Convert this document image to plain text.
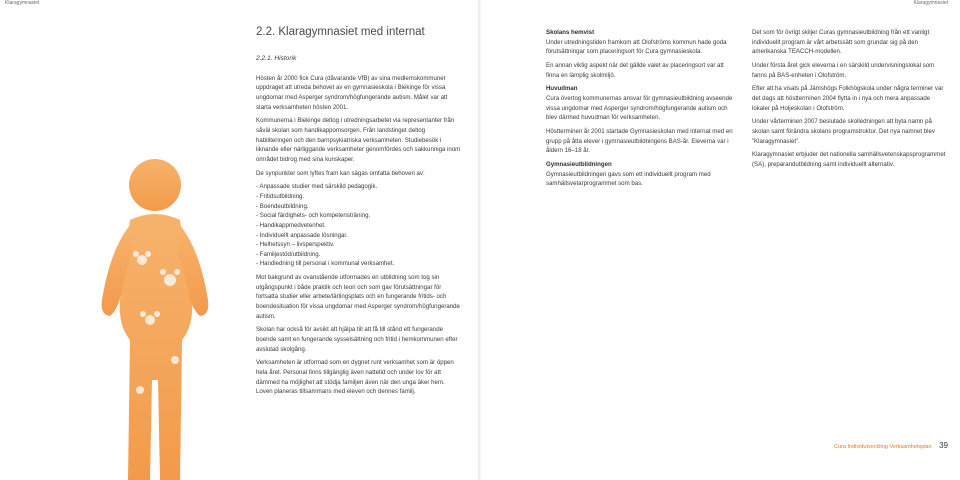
Klaragymnasiet	Klaragymnasiet
2.2. Klaragymnasiet med internat

2.2.1. Historik

Hösten år 2000 fick Cura (dåvarande VfB) av sina medlemskommuner uppdraget att utreda behovet av en gymnasieskola i Blekinge för vissa ungdomar med Asperger syndrom/högfungerande autism. Målet var att starta verksamheten hösten 2001.

Kommunerna i Blekinge deltog i utredningsarbetet via representanter från såväl skolan som handikappomsorgen. Från landstinget deltog habiliteringen och den barnpsykiatriska verksamheten. Studiebesök i liknande eller närliggande verksamheter genomfördes och sakkunniga inom området bidrog med sina kunskaper.

De synpunkter som lyftes fram kan sägas omfatta behoven av:

- Anpassade studier med särskild pedagogik.
- Fritidsutbildning.
- Boendeutbildning.
- Social färdighets- och kompetensträning.
- Handikappmedvetenhet.
- Individuellt anpassade lösningar.
- Helhetssyn – livsperspektiv.
- Familjestöd/utbildning.
- Handledning till personal i kommunal verksamhet.

Mot bakgrund av ovanstående utformades en utbildning som tog sin utgångspunkt i både praktik och teori och som gav förutsättningar för fortsatta studier eller arbete/lärlingsplats och en fungerande fritids- och boendesituation för vissa ungdomar med Asperger syndrom/högfungerande autism.

Skolan har också för avsikt att hjälpa till att få till stånd ett fungerande boende samt en fungerande sysselsättning och fritid i hemkommunen efter avslutad skolgång.

Verksamheten är utformad som en dygnet runt verksamhet som är öppen hela året. Personal finns tillgänglig även nattetid och under lov för att dämmed ha möjlighet att stödja familjen även när den unga äker hem. Loven planeras tillsammans med eleven och dennes familj.

Skolans hemvist

Under utredningstiden framkom att Olofströms kommun hade goda förutsättningar som placeringsort för Cura gymnasieskola.

En annan viktig aspekt när det gällde valet av placeringsort var att finna en lämplig skolmiljö.

Huvudman

Cura övertog kommunernas ansvar för gymnasieutbildning avseende vissa ungdomar med Asperger syndrom/högfungerande autism och blev därmed huvudman för verksamheten.

Höstterminen år 2001 startade Gymnasieskolan med internat med en grupp på åtta elever i gymnasieutbildningens BAS-år. Eleverna var i åldern 16–18 år.

Gymnasieutbildningen

Gymnasieutbildningen gavs som ett individuellt program med samhällsvetarprogrammet som bas.

Det som för övrigt skiljer Curas gymnasieutbildning från ett vanligt individuellt program är vårt arbetssätt som grundar sig på den amerikanska TEACCH-modellen.

Under första året gick eleverna i en särskild undervisningslokal som fanns på BAS-enheten i Olofström.

Efter att ha visats på Jämshögs Folkhögskola under några terminer var det dags att höstterminen 2004 flytta in i nya och mera anpassade lokaler på Holjeskolan i Olofström.

Under vårterminen 2007 beslutade skolledningen att byta namn på skolan samt förändra skolans programstruktur. Det nya namnet blev ”Klaragymnasiet”.

Klaragymnasiet erbjuder det nationella samhällsvetenskapsprogrammet (SA), preparandutbildning samt individuellt alternativ.

Cura Individutveckling Verksamhetsplan 39
